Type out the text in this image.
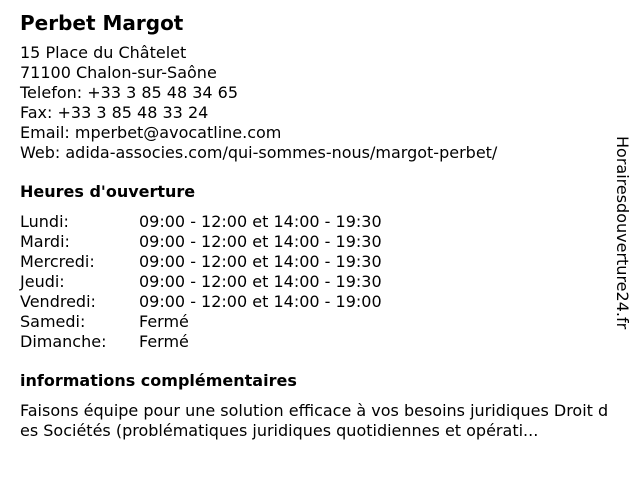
Perbet Margot
15 Place du Châtelet
71100 Chalon-sur-Saône
Telefon: +33 3 85 48 34 65
Fax: +33 3 85 48 33 24
Email: mperbet@avocatline.com
Web: adida-associes.com/qui-sommes-nous/margot-perbet/
Heures d'ouverture
Lundi:	09:00 - 12:00 et 14:00 - 19:30
Mardi:	09:00 - 12:00 et 14:00 - 19:30
Mercredi:	09:00 - 12:00 et 14:00 - 19:30
Jeudi:	09:00 - 12:00 et 14:00 - 19:30
Vendredi:	09:00 - 12:00 et 14:00 - 19:00
Samedi:	Fermé
Dimanche:	Fermé
informations complémentaires
Faisons équipe pour une solution efficace à vos besoins juridiques Droit des Sociétés (problématiques juridiques quotidiennes et opérati...
Horairesdouverture24.fr
